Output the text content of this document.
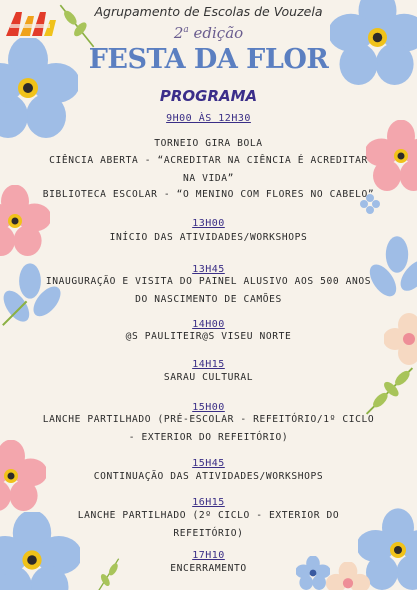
Agrupamento de Escolas de Vouzela
2$^a$ edição
FESTA DA FLOR
PROGRAMA
9H00 ÀS 12H30
TORNEIO GIRA BOLA
CIÊNCIA ABERTA - “ACREDITAR NA CIÊNCIA É ACREDITAR NA VIDA”
BIBLIOTECA ESCOLAR - “O MENINO COM FLORES NO CABELO”
13H00
INÍCIO DAS ATIVIDADES/WORKSHOPS
13H45
INAUGURAÇÃO E VISITA DO PAINEL ALUSIVO AOS 500 ANOS DO NASCIMENTO DE CAMÕES
14H00
@S PAULITEIR@S VISEU NORTE
14H15
SARAU CULTURAL
15H00
LANCHE PARTILHADO (PRÉ-ESCOLAR - REFEITÓRIO/1º CICLO - EXTERIOR DO REFEITÓRIO)
15H45
CONTINUAÇÃO DAS ATIVIDADES/WORKSHOPS
16H15
LANCHE PARTILHADO (2º CICLO - EXTERIOR DO REFEITÓRIO)
17H10
ENCERRAMENTO
